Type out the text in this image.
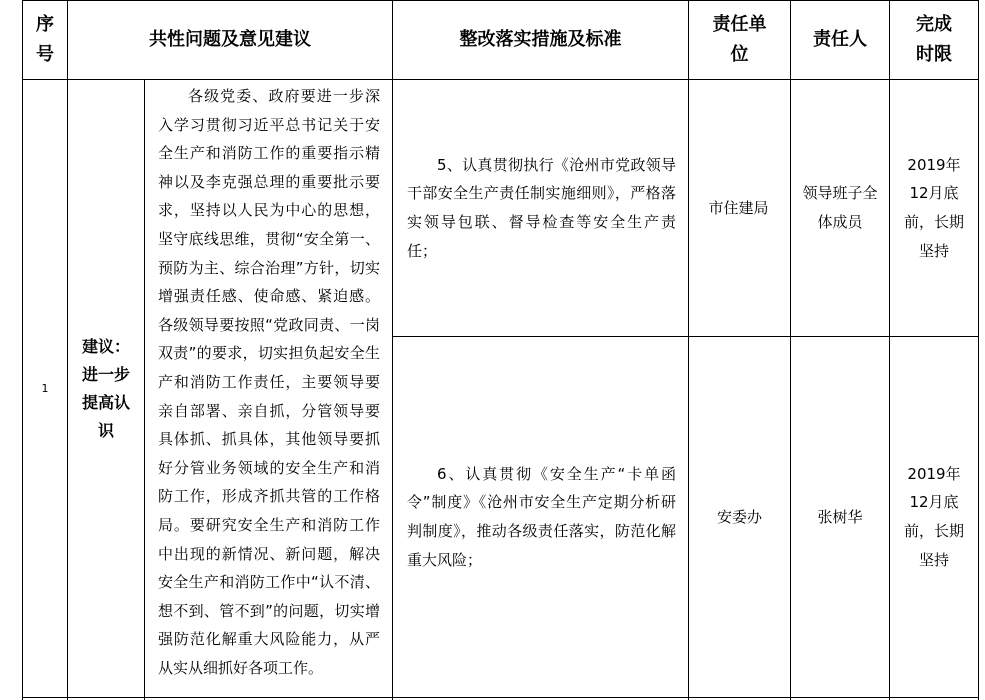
序号
共性问题及意见建议	整改落实措施及标准
责任单位
责任人
完成时限
1
建议：进一步提高认识
各级党委、政府要进一步深入学习贯彻习近平总书记关于安全生产和消防工作的重要指示精神以及李克强总理的重要批示要求，坚持以人民为中心的思想，坚守底线思维，贯彻“安全第一、预防为主、综合治理”方针，切实增强责任感、使命感、紧迫感。各级领导要按照“党政同责、一岗双责”的要求，切实担负起安全生产和消防工作责任，主要领导要亲自部署、亲自抓，分管领导要具体抓、抓具体，其他领导要抓好分管业务领域的安全生产和消防工作，形成齐抓共管的工作格局。要研究安全生产和消防工作中出现的新情况、新问题，解决安全生产和消防工作中“认不清、想不到、管不到”的问题，切实增强防范化解重大风险能力，从严从实从细抓好各项工作。
5、认真贯彻执行《沧州市党政领导干部安全生产责任制实施细则》，严格落实领导包联、督导检查等安全生产责任；
市住建局
领导班子全体成员
2019年12月底前，长期坚持
6、认真贯彻《安全生产“卡单函令”制度》《沧州市安全生产定期分析研判制度》，推动各级责任落实，防范化解重大风险；
安委办	张树华
2019年12月底前，长期坚持
